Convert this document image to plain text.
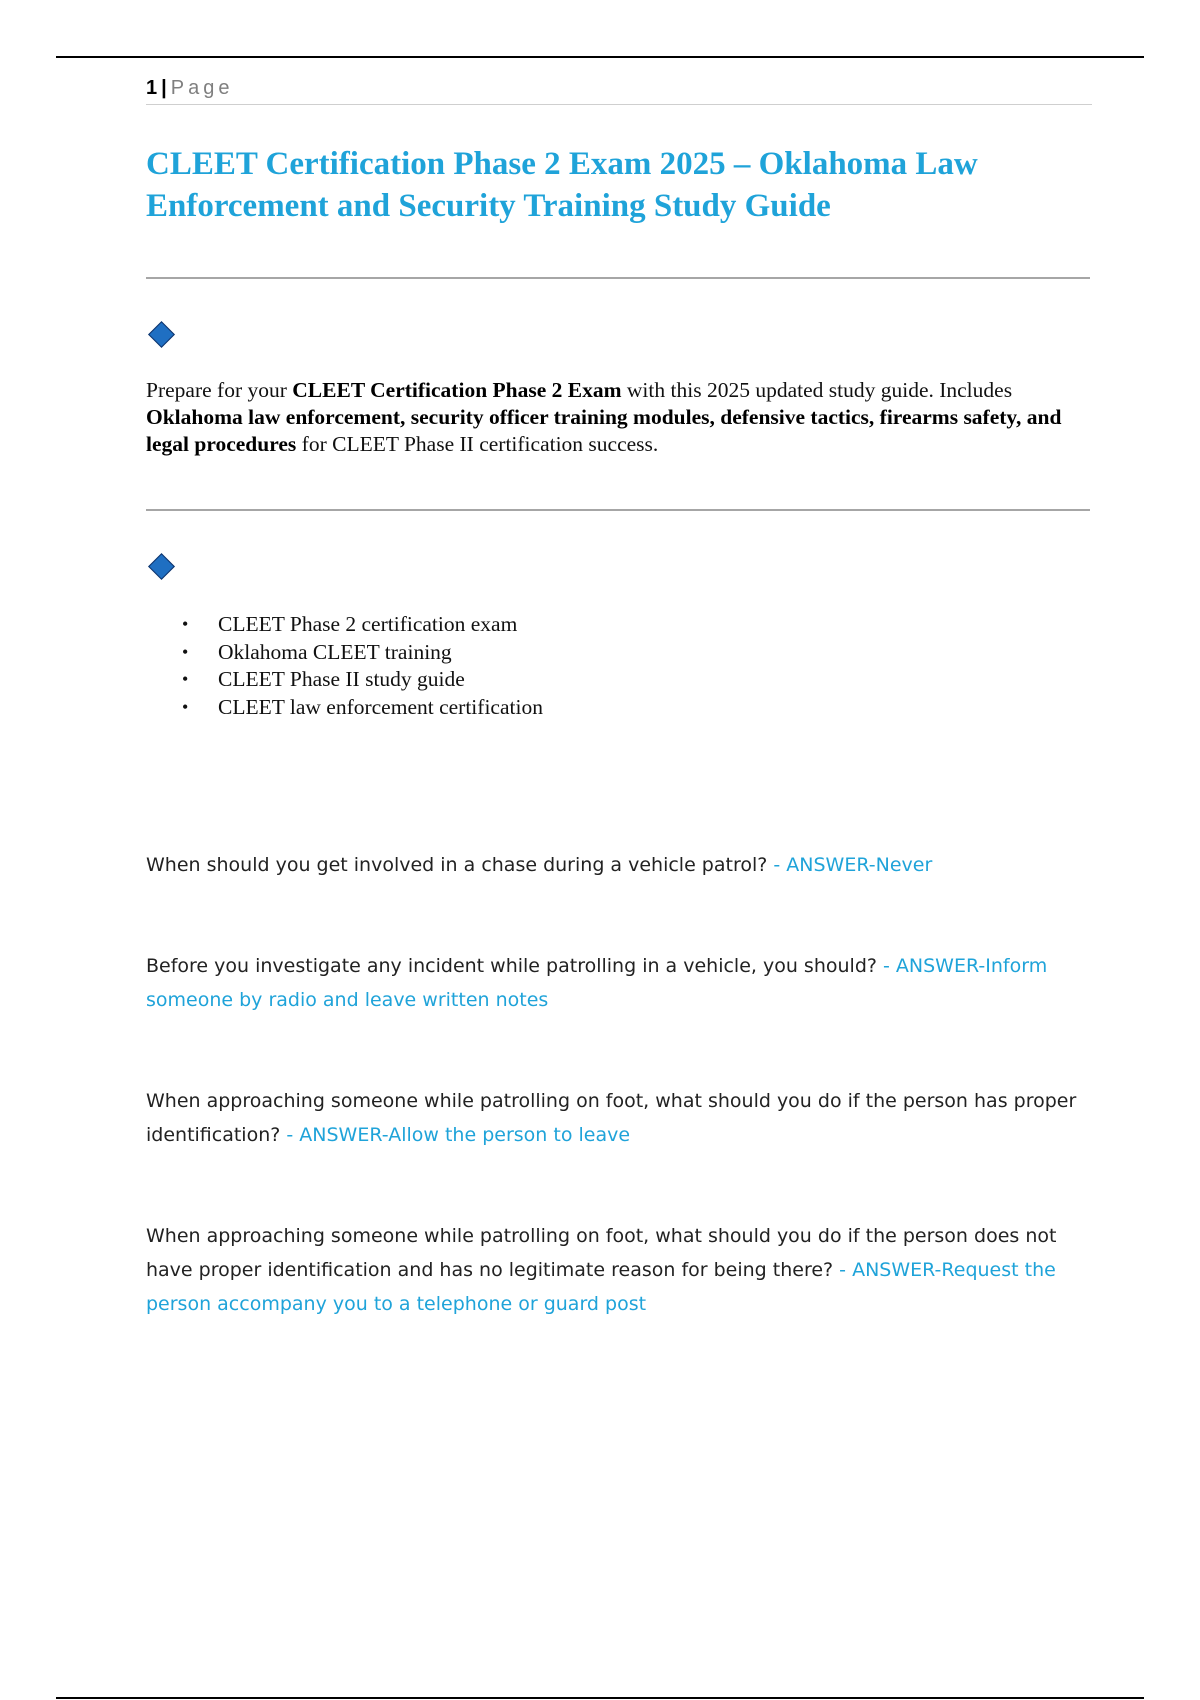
1 | Page
CLEET Certification Phase 2 Exam 2025 – Oklahoma Law Enforcement and Security Training Study Guide

Prepare for your CLEET Certification Phase 2 Exam with this 2025 updated study guide. Includes Oklahoma law enforcement, security officer training modules, defensive tactics, firearms safety, and legal procedures for CLEET Phase II certification success.

• CLEET Phase 2 certification exam
• Oklahoma CLEET training
• CLEET Phase II study guide
• CLEET law enforcement certification

When should you get involved in a chase during a vehicle patrol? - ANSWER-Never

Before you investigate any incident while patrolling in a vehicle, you should? - ANSWER-Inform someone by radio and leave written notes

When approaching someone while patrolling on foot, what should you do if the person has proper identification? - ANSWER-Allow the person to leave

When approaching someone while patrolling on foot, what should you do if the person does not have proper identification and has no legitimate reason for being there? - ANSWER-Request the person accompany you to a telephone or guard post
